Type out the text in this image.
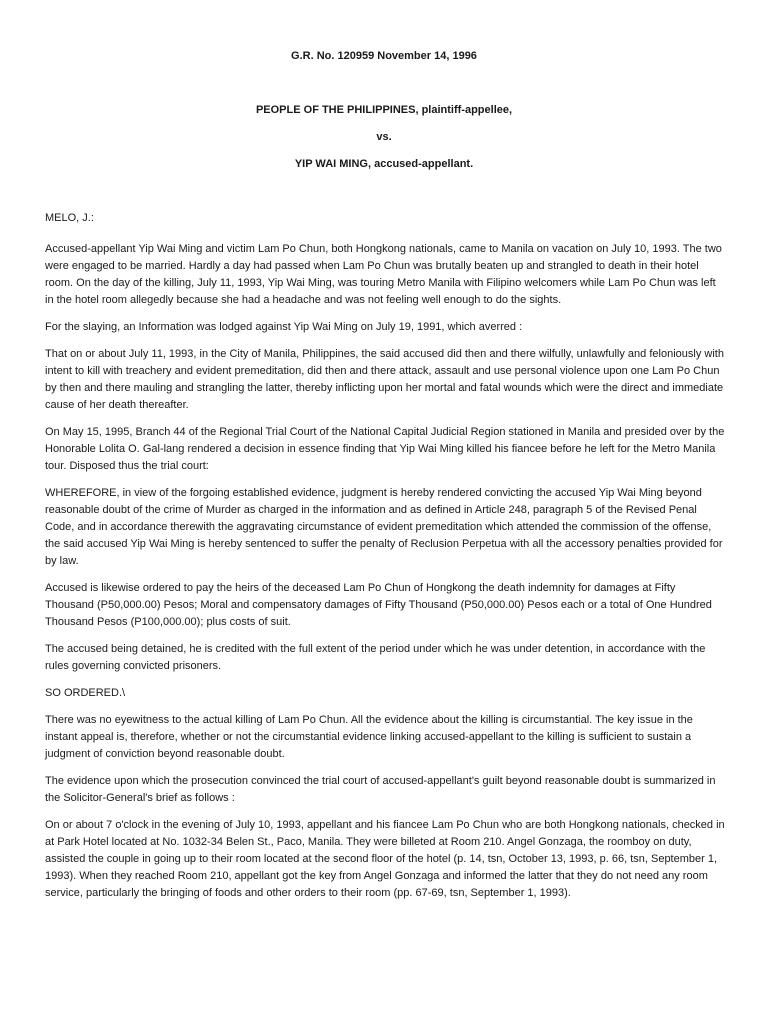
G.R. No. 120959 November 14, 1996

PEOPLE OF THE PHILIPPINES, plaintiff-appellee,

vs.

YIP WAI MING, accused-appellant.

MELO, J.:

Accused-appellant Yip Wai Ming and victim Lam Po Chun, both Hongkong nationals, came to Manila on vacation on July 10, 1993. The two were engaged to be married. Hardly a day had passed when Lam Po Chun was brutally beaten up and strangled to death in their hotel room. On the day of the killing, July 11, 1993, Yip Wai Ming, was touring Metro Manila with Filipino welcomers while Lam Po Chun was left in the hotel room allegedly because she had a headache and was not feeling well enough to do the sights.

For the slaying, an Information was lodged against Yip Wai Ming on July 19, 1991, which averred :

That on or about July 11, 1993, in the City of Manila, Philippines, the said accused did then and there wilfully, unlawfully and feloniously with intent to kill with treachery and evident premeditation, did then and there attack, assault and use personal violence upon one Lam Po Chun by then and there mauling and strangling the latter, thereby inflicting upon her mortal and fatal wounds which were the direct and immediate cause of her death thereafter.

On May 15, 1995, Branch 44 of the Regional Trial Court of the National Capital Judicial Region stationed in Manila and presided over by the Honorable Lolita O. Gal-lang rendered a decision in essence finding that Yip Wai Ming killed his fiancee before he left for the Metro Manila tour. Disposed thus the trial court:

WHEREFORE, in view of the forgoing established evidence, judgment is hereby rendered convicting the accused Yip Wai Ming beyond reasonable doubt of the crime of Murder as charged in the information and as defined in Article 248, paragraph 5 of the Revised Penal Code, and in accordance therewith the aggravating circumstance of evident premeditation which attended the commission of the offense, the said accused Yip Wai Ming is hereby sentenced to suffer the penalty of Reclusion Perpetua with all the accessory penalties provided for by law.

Accused is likewise ordered to pay the heirs of the deceased Lam Po Chun of Hongkong the death indemnity for damages at Fifty Thousand (P50,000.00) Pesos; Moral and compensatory damages of Fifty Thousand (P50,000.00) Pesos each or a total of One Hundred Thousand Pesos (P100,000.00); plus costs of suit.

The accused being detained, he is credited with the full extent of the period under which he was under detention, in accordance with the rules governing convicted prisoners.

SO ORDERED.\

There was no eyewitness to the actual killing of Lam Po Chun. All the evidence about the killing is circumstantial. The key issue in the instant appeal is, therefore, whether or not the circumstantial evidence linking accused-appellant to the killing is sufficient to sustain a judgment of conviction beyond reasonable doubt.

The evidence upon which the prosecution convinced the trial court of accused-appellant's guilt beyond reasonable doubt is summarized in the Solicitor-General's brief as follows :

On or about 7 o'clock in the evening of July 10, 1993, appellant and his fiancee Lam Po Chun who are both Hongkong nationals, checked in at Park Hotel located at No. 1032-34 Belen St., Paco, Manila. They were billeted at Room 210. Angel Gonzaga, the roomboy on duty, assisted the couple in going up to their room located at the second floor of the hotel (p. 14, tsn, October 13, 1993, p. 66, tsn, September 1, 1993). When they reached Room 210, appellant got the key from Angel Gonzaga and informed the latter that they do not need any room service, particularly the bringing of foods and other orders to their room (pp. 67-69, tsn, September 1, 1993).
